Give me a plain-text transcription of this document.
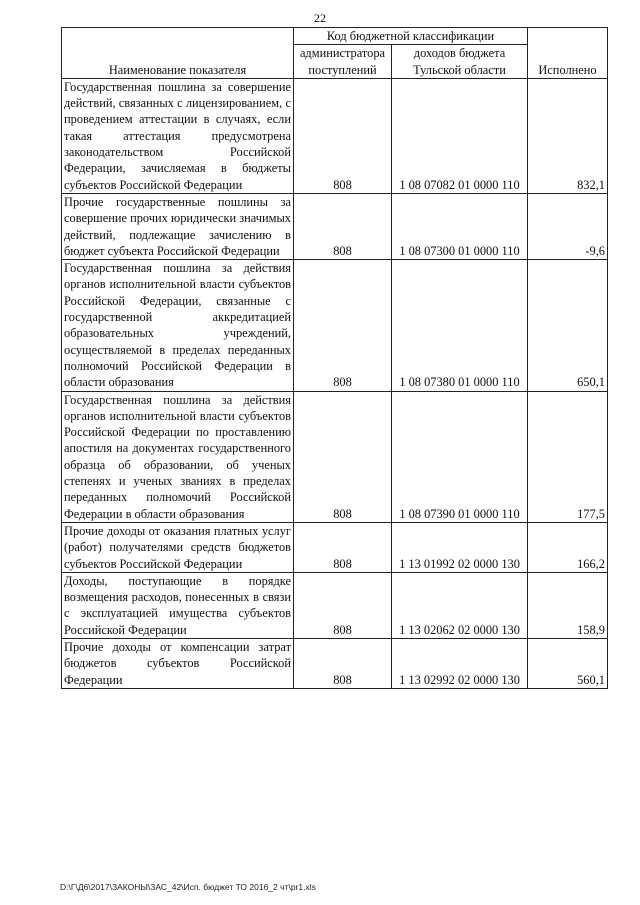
22
Наименование показателя	Код бюджетной классификации		Исполнено
	администратора поступлений	доходов бюджета Тульской области	
Государственная пошлина за совершение действий, связанных с лицензированием, с проведением аттестации в случаях, если такая аттестация предусмотрена законодательством Российской Федерации, зачисляемая в бюджеты субъектов Российской Федерации	808	1 08 07082 01 0000 110	832,1
Прочие государственные пошлины за совершение прочих юридически значимых действий, подлежащие зачислению в бюджет субъекта Российской Федерации	808	1 08 07300 01 0000 110	-9,6
Государственная пошлина за действия органов исполнительной власти субъектов Российской Федерации, связанные с государственной аккредитацией образовательных учреждений, осуществляемой в пределах переданных полномочий Российской Федерации в области образования	808	1 08 07380 01 0000 110	650,1
Государственная пошлина за действия органов исполнительной власти субъектов Российской Федерации по проставлению апостиля на документах государственного образца об образовании, об ученых степенях и ученых званиях в пределах переданных полномочий Российской Федерации в области образования	808	1 08 07390 01 0000 110	177,5
Прочие доходы от оказания платных услуг (работ) получателями средств бюджетов субъектов Российской Федерации	808	1 13 01992 02 0000 130	166,2
Доходы, поступающие в порядке возмещения расходов, понесенных в связи с эксплуатацией имущества субъектов Российской Федерации	808	1 13 02062 02 0000 130	158,9
Прочие доходы от компенсации затрат бюджетов субъектов Российской Федерации	808	1 13 02992 02 0000 130	560,1
D:\Г\Д6\2017\ЗАКОНЫ\ЗАС_42\Исп. бюджет ТО 2016_2 чт\pr1.xls
